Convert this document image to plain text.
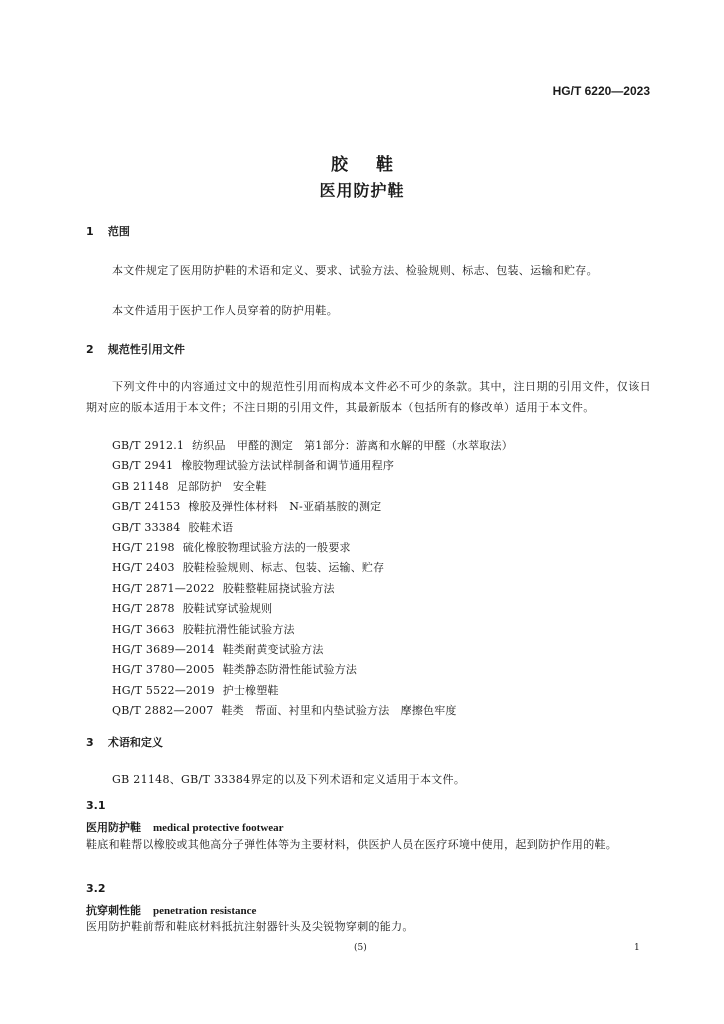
HG/T 6220—2023
胶鞋
医用防护鞋
1 范围

本文件规定了医用防护鞋的术语和定义、要求、试验方法、检验规则、标志、包装、运输和贮存。

本文件适用于医护工作人员穿着的防护用鞋。

2 规范性引用文件

下列文件中的内容通过文中的规范性引用而构成本文件必不可少的条款。其中，注日期的引用文件，仅该日期对应的版本适用于本文件；不注日期的引用文件，其最新版本（包括所有的修改单）适用于本文件。

GB/T 2912.1 纺织品　甲醛的测定　第1部分：游离和水解的甲醛（水萃取法）
GB/T 2941 橡胶物理试验方法试样制备和调节通用程序
GB 21148 足部防护　安全鞋
GB/T 24153 橡胶及弹性体材料　N-亚硝基胺的测定
GB/T 33384 胶鞋术语
HG/T 2198 硫化橡胶物理试验方法的一般要求
HG/T 2403 胶鞋检验规则、标志、包装、运输、贮存
HG/T 2871—2022 胶鞋整鞋屈挠试验方法
HG/T 2878 胶鞋试穿试验规则
HG/T 3663 胶鞋抗滑性能试验方法
HG/T 3689—2014 鞋类耐黄变试验方法
HG/T 3780—2005 鞋类静态防滑性能试验方法
HG/T 5522—2019 护士橡塑鞋
QB/T 2882—2007 鞋类　帮面、衬里和内垫试验方法　摩擦色牢度
3 术语和定义

GB 21148、GB/T 33384界定的以及下列术语和定义适用于本文件。

3.1
医用防护鞋 medical protective footwear

鞋底和鞋帮以橡胶或其他高分子弹性体等为主要材料，供医护人员在医疗环境中使用，起到防护作用的鞋。

3.2
抗穿刺性能 penetration resistance

医用防护鞋前帮和鞋底材料抵抗注射器针头及尖锐物穿刺的能力。

(5)	1
